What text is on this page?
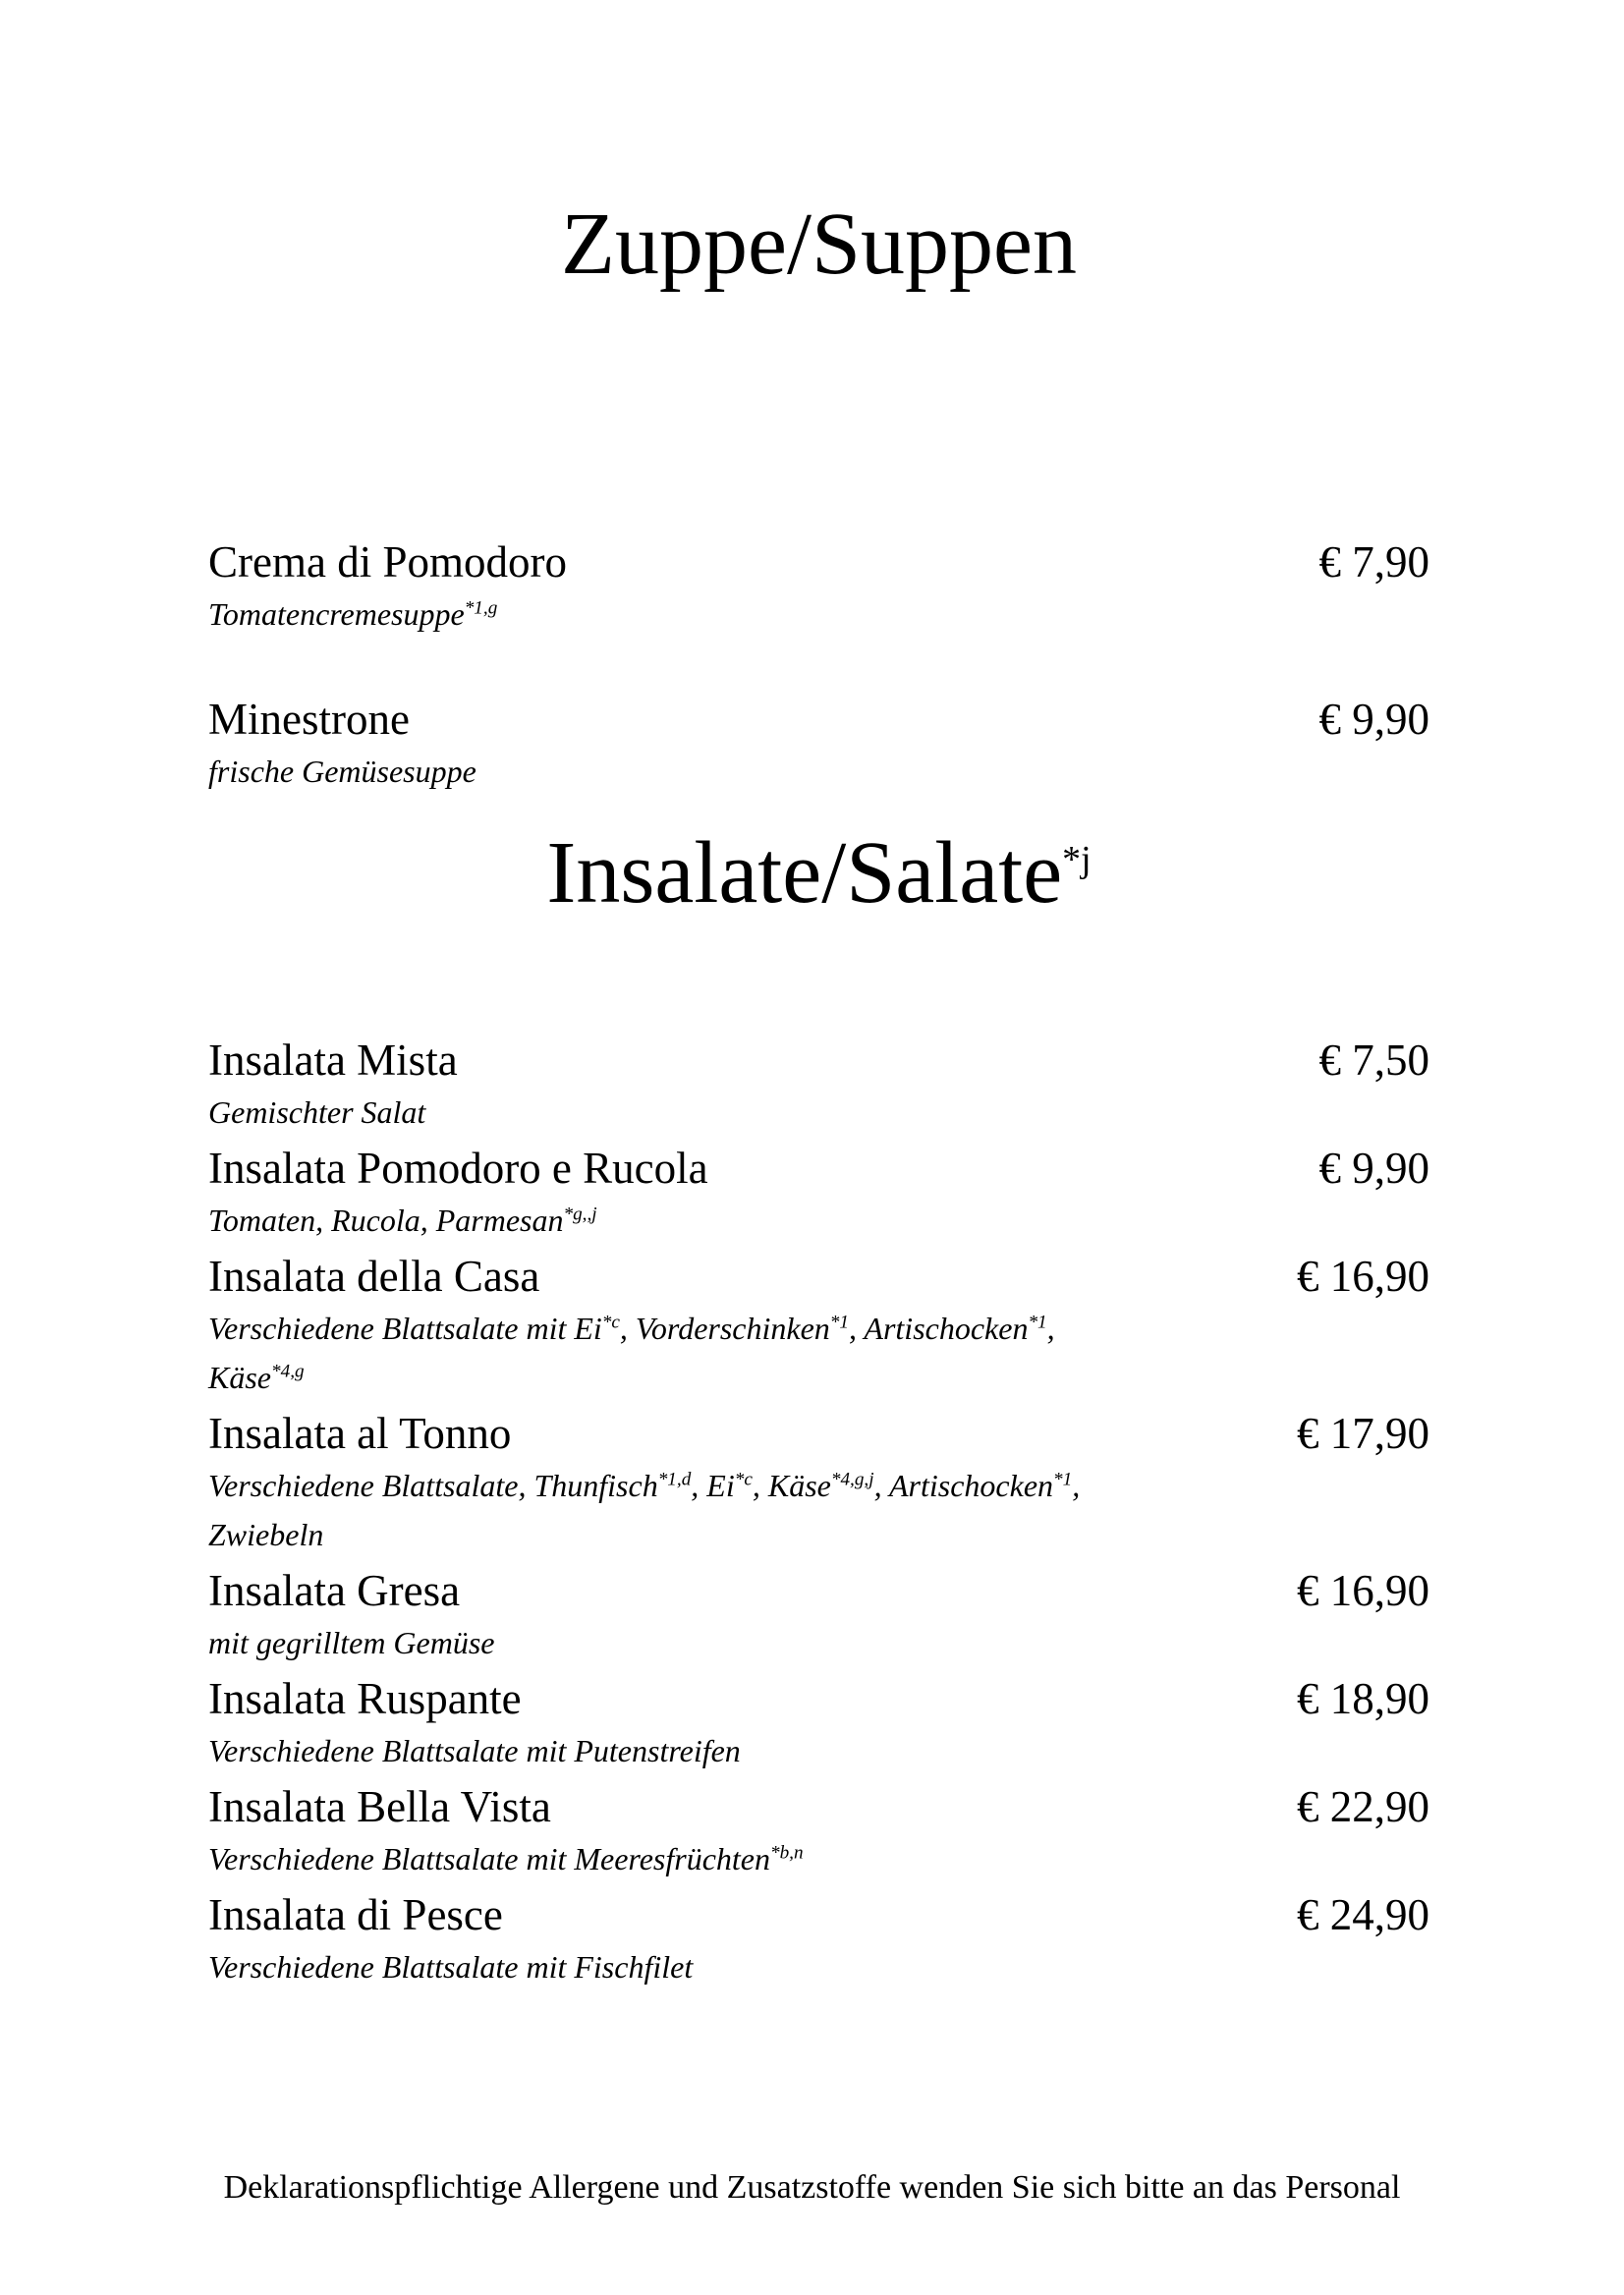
Zuppe/Suppen
Crema di Pomodoro	€ 7,90
Tomatencremesuppe$^{*1,g}$
Minestrone	€ 9,90
frische Gemüsesuppe
Insalate/Salate$^{*j}$
Insalata Mista	€ 7,50
Gemischter Salat
Insalata Pomodoro e Rucola	€ 9,90
Tomaten, Rucola, Parmesan$^{*g,,j}$
Insalata della Casa	€ 16,90
Verschiedene Blattsalate mit Ei$^{*c}$, Vorderschinken$^{*1}$, Artischocken$^{*1}$,
Käse$^{*4,g}$
Insalata al Tonno	€ 17,90
Verschiedene Blattsalate, Thunfisch$^{*1,d}$, Ei$^{*c}$, Käse$^{*4,g,j}$, Artischocken$^{*1}$,
Zwiebeln
Insalata Gresa	€ 16,90
mit gegrilltem Gemüse
Insalata Ruspante	€ 18,90
Verschiedene Blattsalate mit Putenstreifen
Insalata Bella Vista	€ 22,90
Verschiedene Blattsalate mit Meeresfrüchten$^{*b,n}$
Insalata di Pesce	€ 24,90
Verschiedene Blattsalate mit Fischfilet
Deklarationspflichtige Allergene und Zusatzstoffe wenden Sie sich bitte an das Personal
